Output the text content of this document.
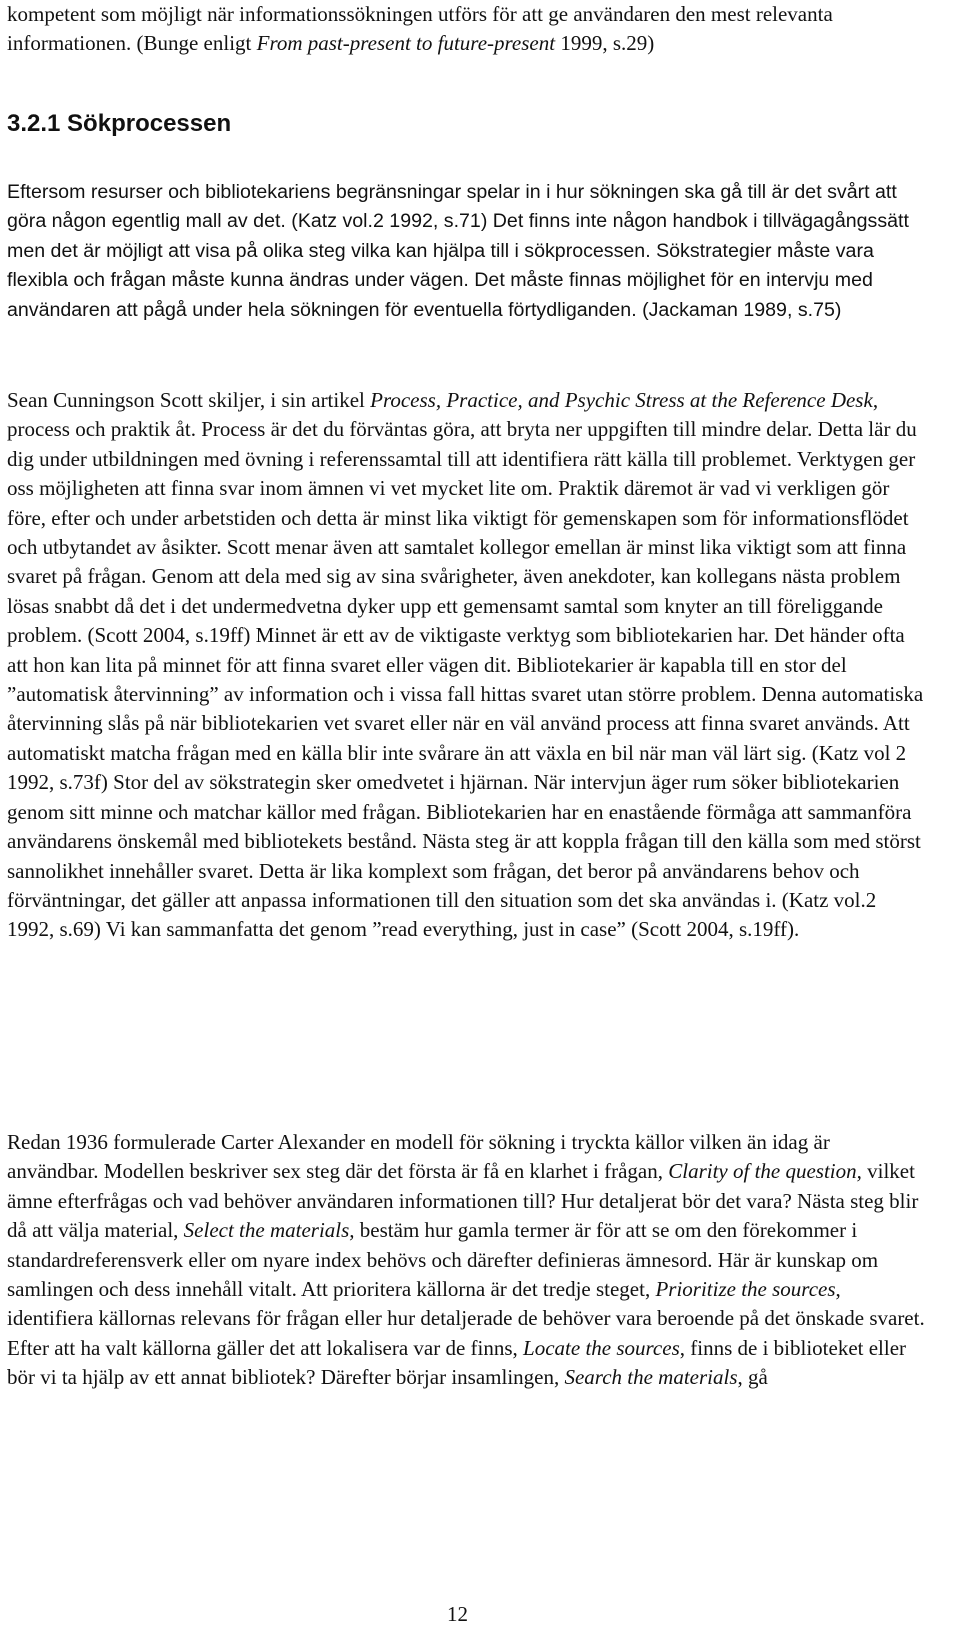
kompetent som möjligt när informationssökningen utförs för att ge användaren den mest relevanta informationen. (Bunge enligt From past-present to future-present 1999, s.29)

3.2.1 Sökprocessen

Eftersom resurser och bibliotekariens begränsningar spelar in i hur sökningen ska gå till är det svårt att göra någon egentlig mall av det. (Katz vol.2 1992, s.71) Det finns inte någon handbok i tillvägagångssätt men det är möjligt att visa på olika steg vilka kan hjälpa till i sökprocessen. Sökstrategier måste vara flexibla och frågan måste kunna ändras under vägen. Det måste finnas möjlighet för en intervju med användaren att pågå under hela sökningen för eventuella förtydliganden. (Jackaman 1989, s.75)

Sean Cunningson Scott skiljer, i sin artikel Process, Practice, and Psychic Stress at the Reference Desk, process och praktik åt. Process är det du förväntas göra, att bryta ner uppgiften till mindre delar. Detta lär du dig under utbildningen med övning i referenssamtal till att identifiera rätt källa till problemet. Verktygen ger oss möjligheten att finna svar inom ämnen vi vet mycket lite om. Praktik däremot är vad vi verkligen gör före, efter och under arbetstiden och detta är minst lika viktigt för gemenskapen som för informationsflödet och utbytandet av åsikter. Scott menar även att samtalet kollegor emellan är minst lika viktigt som att finna svaret på frågan. Genom att dela med sig av sina svårigheter, även anekdoter, kan kollegans nästa problem lösas snabbt då det i det undermedvetna dyker upp ett gemensamt samtal som knyter an till föreliggande problem. (Scott 2004, s.19ff) Minnet är ett av de viktigaste verktyg som bibliotekarien har. Det händer ofta att hon kan lita på minnet för att finna svaret eller vägen dit. Bibliotekarier är kapabla till en stor del ”automatisk återvinning” av information och i vissa fall hittas svaret utan större problem. Denna automatiska återvinning slås på när bibliotekarien vet svaret eller när en väl använd process att finna svaret används. Att automatiskt matcha frågan med en källa blir inte svårare än att växla en bil när man väl lärt sig. (Katz vol 2 1992, s.73f) Stor del av sökstrategin sker omedvetet i hjärnan. När intervjun äger rum söker bibliotekarien genom sitt minne och matchar källor med frågan. Bibliotekarien har en enastående förmåga att sammanföra användarens önskemål med bibliotekets bestånd. Nästa steg är att koppla frågan till den källa som med störst sannolikhet innehåller svaret. Detta är lika komplext som frågan, det beror på användarens behov och förväntningar, det gäller att anpassa informationen till den situation som det ska användas i. (Katz vol.2 1992, s.69) Vi kan sammanfatta det genom ”read everything, just in case” (Scott 2004, s.19ff).

Redan 1936 formulerade Carter Alexander en modell för sökning i tryckta källor vilken än idag är användbar. Modellen beskriver sex steg där det första är få en klarhet i frågan, Clarity of the question, vilket ämne efterfrågas och vad behöver användaren informationen till? Hur detaljerat bör det vara? Nästa steg blir då att välja material, Select the materials, bestäm hur gamla termer är för att se om den förekommer i standardreferensverk eller om nyare index behövs och därefter definieras ämnesord. Här är kunskap om samlingen och dess innehåll vitalt. Att prioritera källorna är det tredje steget, Prioritize the sources, identifiera källornas relevans för frågan eller hur detaljerade de behöver vara beroende på det önskade svaret. Efter att ha valt källorna gäller det att lokalisera var de finns, Locate the sources, finns de i biblioteket eller bör vi ta hjälp av ett annat bibliotek? Därefter börjar insamlingen, Search the materials, gå

12
